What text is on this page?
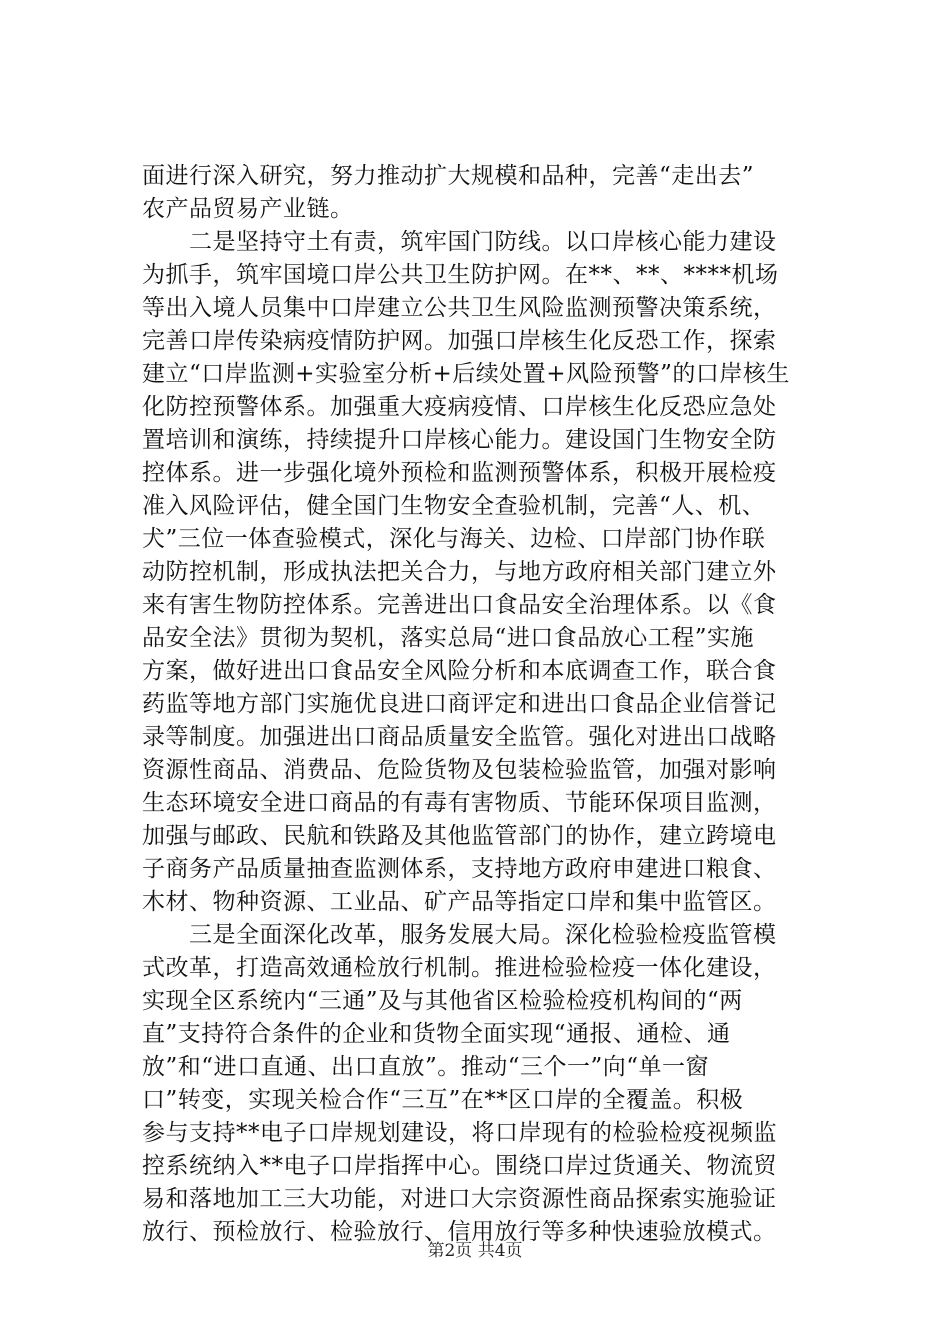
面进行深入研究，努力推动扩大规模和品种，完善“走出去”
农产品贸易产业链。
　　二是坚持守土有责，筑牢国门防线。以口岸核心能力建设
为抓手，筑牢国境口岸公共卫生防护网。在**、**、****机场
等出入境人员集中口岸建立公共卫生风险监测预警决策系统，
完善口岸传染病疫情防护网。加强口岸核生化反恐工作，探索
建立“口岸监测+实验室分析+后续处置+风险预警”的口岸核生
化防控预警体系。加强重大疫病疫情、口岸核生化反恐应急处
置培训和演练，持续提升口岸核心能力。建设国门生物安全防
控体系。进一步强化境外预检和监测预警体系，积极开展检疫
准入风险评估，健全国门生物安全查验机制，完善“人、机、
犬”三位一体查验模式，深化与海关、边检、口岸部门协作联
动防控机制，形成执法把关合力，与地方政府相关部门建立外
来有害生物防控体系。完善进出口食品安全治理体系。以《食
品安全法》贯彻为契机，落实总局“进口食品放心工程”实施
方案，做好进出口食品安全风险分析和本底调查工作，联合食
药监等地方部门实施优良进口商评定和进出口食品企业信誉记
录等制度。加强进出口商品质量安全监管。强化对进出口战略
资源性商品、消费品、危险货物及包装检验监管，加强对影响
生态环境安全进口商品的有毒有害物质、节能环保项目监测，
加强与邮政、民航和铁路及其他监管部门的协作，建立跨境电
子商务产品质量抽查监测体系，支持地方政府申建进口粮食、
木材、物种资源、工业品、矿产品等指定口岸和集中监管区。
　　三是全面深化改革，服务发展大局。深化检验检疫监管模
式改革，打造高效通检放行机制。推进检验检疫一体化建设，
实现全区系统内“三通”及与其他省区检验检疫机构间的“两
直”支持符合条件的企业和货物全面实现“通报、通检、通
放”和“进口直通、出口直放”。推动“三个一”向“单一窗
口”转变，实现关检合作“三互”在**区口岸的全覆盖。积极
参与支持**电子口岸规划建设，将口岸现有的检验检疫视频监
控系统纳入**电子口岸指挥中心。围绕口岸过货通关、物流贸
易和落地加工三大功能，对进口大宗资源性商品探索实施验证
放行、预检放行、检验放行、信用放行等多种快速验放模式。
第2页 共4页
